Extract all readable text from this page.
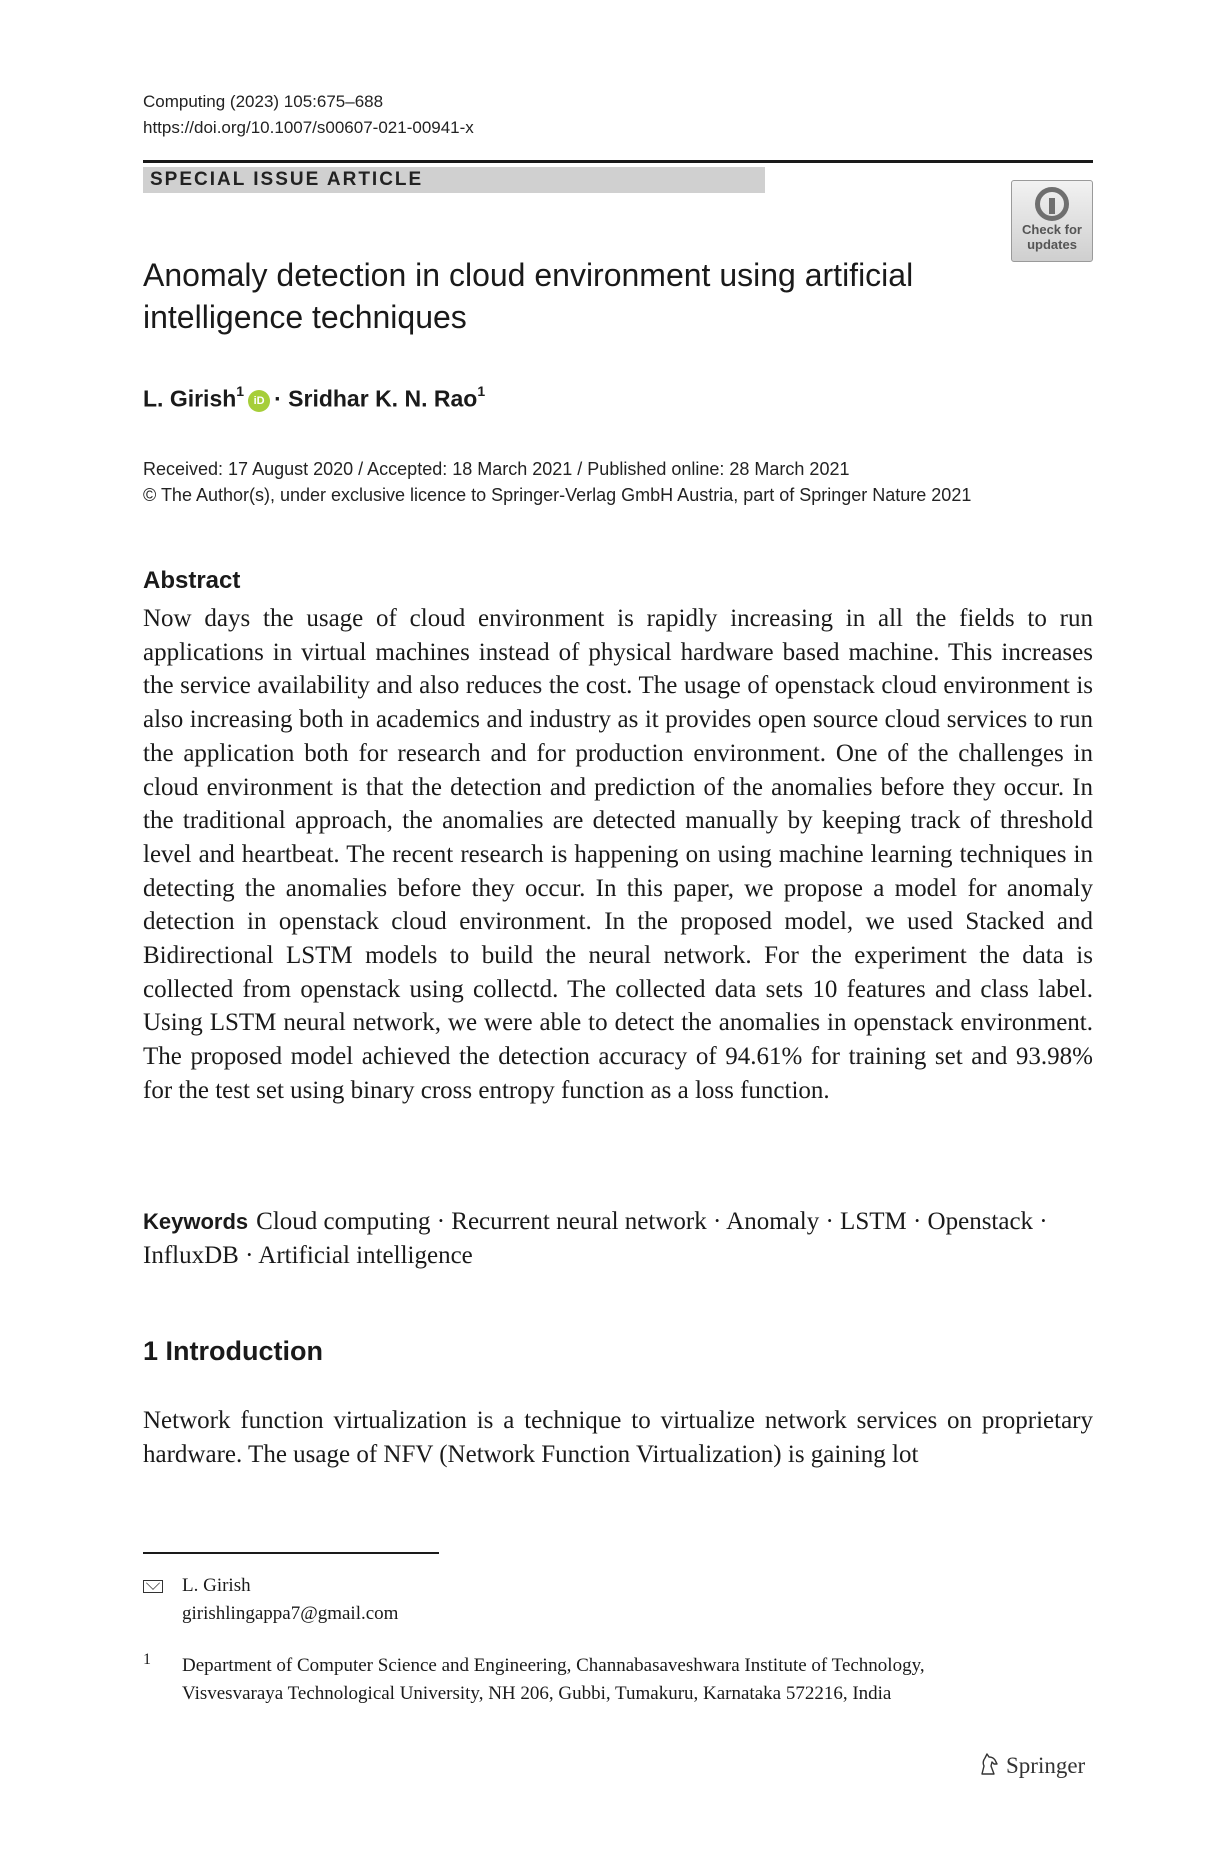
Computing (2023) 105:675–688
https://doi.org/10.1007/s00607-021-00941-x
SPECIAL ISSUE ARTICLE
Check for
updates
Anomaly detection in cloud environment using artificial intelligence techniques
L. Girish$^1$iD · Sridhar K. N. Rao$^1$
Received: 17 August 2020 / Accepted: 18 March 2021 / Published online: 28 March 2021
© The Author(s), under exclusive licence to Springer-Verlag GmbH Austria, part of Springer Nature 2021
Abstract
Now days the usage of cloud environment is rapidly increasing in all the fields to run applications in virtual machines instead of physical hardware based machine. This increases the service availability and also reduces the cost. The usage of openstack cloud environment is also increasing both in academics and industry as it provides open source cloud services to run the application both for research and for production environment. One of the challenges in cloud environment is that the detection and prediction of the anomalies before they occur. In the traditional approach, the anomalies are detected manually by keeping track of threshold level and heartbeat. The recent research is happening on using machine learning techniques in detecting the anomalies before they occur. In this paper, we propose a model for anomaly detection in openstack cloud environment. In the proposed model, we used Stacked and Bidirectional LSTM models to build the neural network. For the experiment the data is collected from openstack using collectd. The collected data sets 10 features and class label. Using LSTM neural network, we were able to detect the anomalies in openstack environment. The proposed model achieved the detection accuracy of 94.61% for training set and 93.98% for the test set using binary cross entropy function as a loss function.
Keywords Cloud computing · Recurrent neural network · Anomaly · LSTM · Openstack · InfluxDB · Artificial intelligence
1 Introduction
Network function virtualization is a technique to virtualize network services on proprietary hardware. The usage of NFV (Network Function Virtualization) is gaining lot
L. Girish
girishlingappa7@gmail.com
1 Department of Computer Science and Engineering, Channabasaveshwara Institute of Technology,
Visvesvaraya Technological University, NH 206, Gubbi, Tumakuru, Karnataka 572216, India
Springer
